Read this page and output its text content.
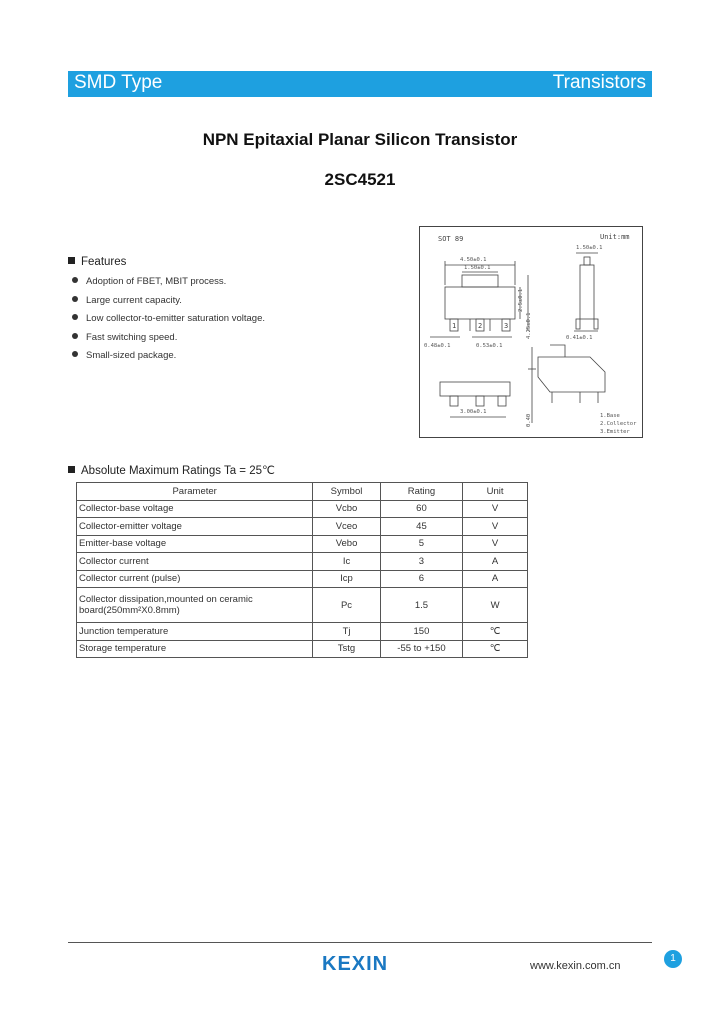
SMD Type	Transistors
NPN Epitaxial Planar Silicon Transistor
2SC4521
Features
Adoption of FBET, MBIT process.
Large current capacity.
Low collector-to-emitter saturation voltage.
Fast switching speed.
Small-sized package.
SOT 89	Unit:mm
4.50±0.1
1.50±0.1
1.50±0.1
2.5±0.1
0.48±0.1	0.53±0.1
0.41±0.1
3.00±0.1
4.25±0.1
0.40
1	2	3
1.Base
2.Collector
3.Emitter
Absolute Maximum Ratings Ta = 25℃
Parameter	Symbol	Rating	Unit
Collector-base voltage	Vcbo	60	V
Collector-emitter voltage	Vceo	45	V
Emitter-base voltage	Vebo	5	V
Collector current	Ic	3	A
Collector current (pulse)	Icp	6	A
Collector dissipation,mounted on ceramic
board(250mm²X0.8mm)	Pc	1.5	W
Junction temperature	Tj	150	℃
Storage temperature	Tstg	-55 to +150	℃
KEXIN	www.kexin.com.cn
1
